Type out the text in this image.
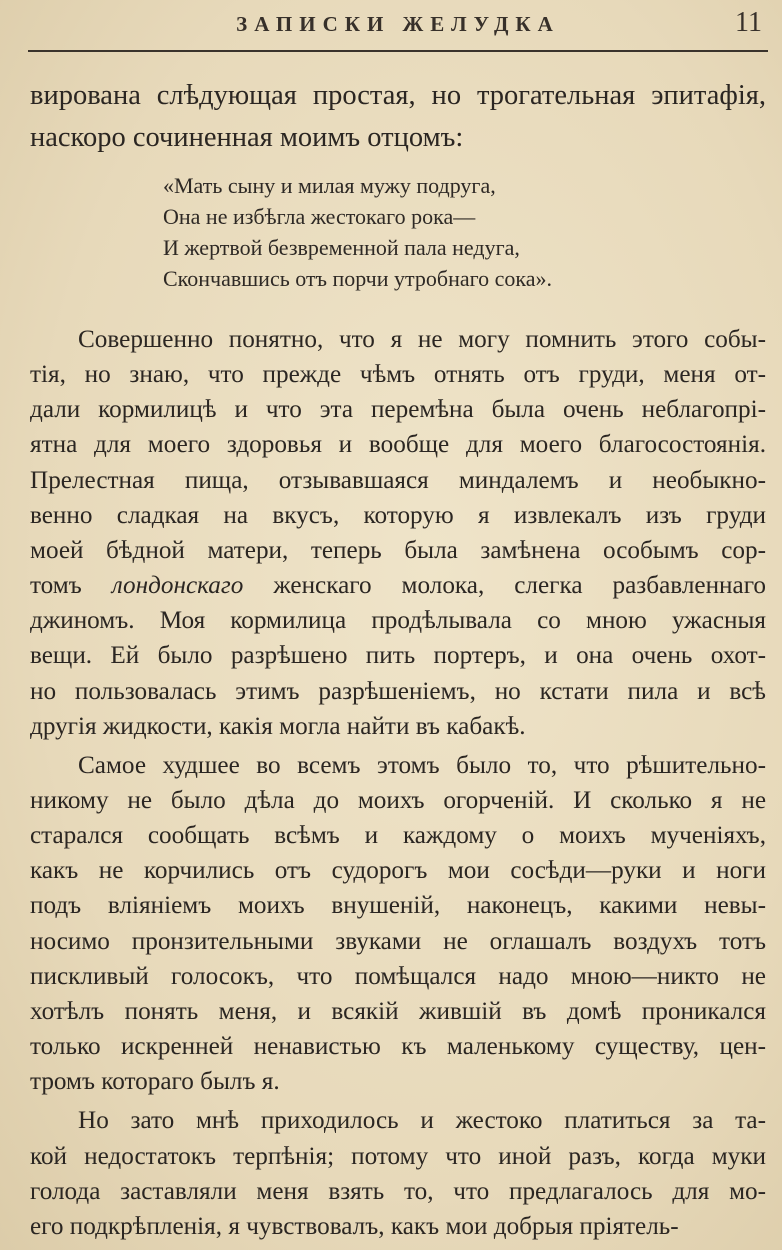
ЗАПИСКИ ЖЕЛУДКА	11
вирована слѣдующая простая, но трогательная эпитафія,
наскоро сочиненная моимъ отцомъ:
«Мать сыну и милая мужу подруга,
Она не избѣгла жестокаго рока—
И жертвой безвременной пала недуга,
Скончавшись отъ порчи утробнаго сока».
Совершенно понятно, что я не могу помнить этого собы-
тія, но знаю, что прежде чѣмъ отнять отъ груди, меня от-
дали кормилицѣ и что эта перемѣна была очень неблагопрі-
ятна для моего здоровья и вообще для моего благосостоянія.
Прелестная пища, отзывавшаяся миндалемъ и необыкно-
венно сладкая на вкусъ, которую я извлекалъ изъ груди
моей бѣдной матери, теперь была замѣнена особымъ сор-
томъ лондонскаго женскаго молока, слегка разбавленнаго
джиномъ. Моя кормилица продѣлывала со мною ужасныя
вещи. Ей было разрѣшено пить портеръ, и она очень охот-
но пользовалась этимъ разрѣшеніемъ, но кстати пила и всѣ
другія жидкости, какія могла найти въ кабакѣ.
Самое худшее во всемъ этомъ было то, что рѣшительно-
никому не было дѣла до моихъ огорченій. И сколько я не
старался сообщать всѣмъ и каждому о моихъ мученіяхъ,
какъ не корчились отъ судорогъ мои сосѣди—руки и ноги
подъ вліяніемъ моихъ внушеній, наконецъ, какими невы-
носимо пронзительными звуками не оглашалъ воздухъ тотъ
пискливый голосокъ, что помѣщался надо мною—никто не
хотѣлъ понять меня, и всякій жившій въ домѣ проникался
только искренней ненавистью къ маленькому существу, цен-
тромъ котораго былъ я.
Но зато мнѣ приходилось и жестоко платиться за та-
кой недостатокъ терпѣнія; потому что иной разъ, когда муки
голода заставляли меня взять то, что предлагалось для мо-
его подкрѣпленія, я чувствовалъ, какъ мои добрыя пріятель-
